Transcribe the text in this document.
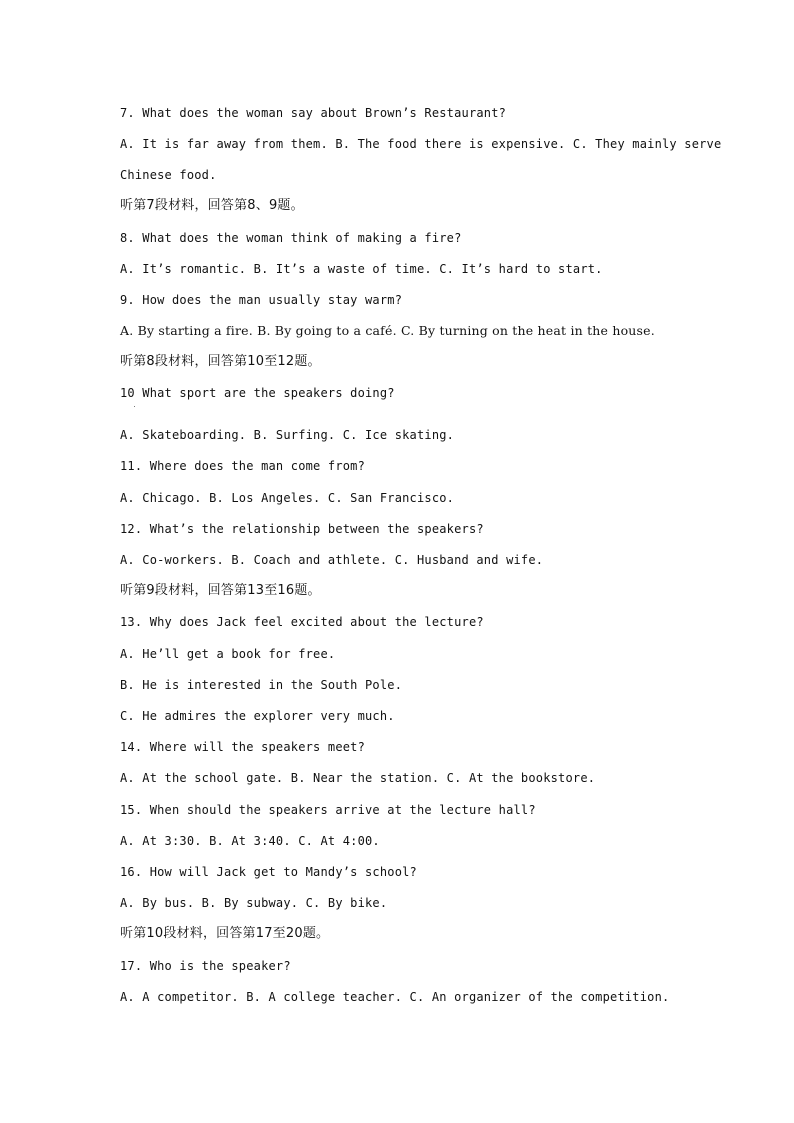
7. What does the woman say about Brown’s Restaurant?
A. It is far away from them. B. The food there is expensive. C. They mainly serve
Chinese food.
听第7段材料，回答第8、9题。
8. What does the woman think of making a fire?
A. It’s romantic. B. It’s a waste of time. C. It’s hard to start.
9. How does the man usually stay warm?
A. By starting a fire. B. By going to a café. C. By turning on the heat in the house.
听第8段材料，回答第10至12题。
10 What sport are the speakers doing?
A. Skateboarding. B. Surfing. C. Ice skating.
11. Where does the man come from?
A. Chicago. B. Los Angeles. C. San Francisco.
12. What’s the relationship between the speakers?
A. Co-workers. B. Coach and athlete. C. Husband and wife.
听第9段材料，回答第13至16题。
13. Why does Jack feel excited about the lecture?
A. He’ll get a book for free.
B. He is interested in the South Pole.
C. He admires the explorer very much.
14. Where will the speakers meet?
A. At the school gate. B. Near the station. C. At the bookstore.
15. When should the speakers arrive at the lecture hall?
A. At 3:30. B. At 3:40. C. At 4:00.
16. How will Jack get to Mandy’s school?
A. By bus. B. By subway. C. By bike.
听第10段材料，回答第17至20题。
17. Who is the speaker?
A. A competitor. B. A college teacher. C. An organizer of the competition.
